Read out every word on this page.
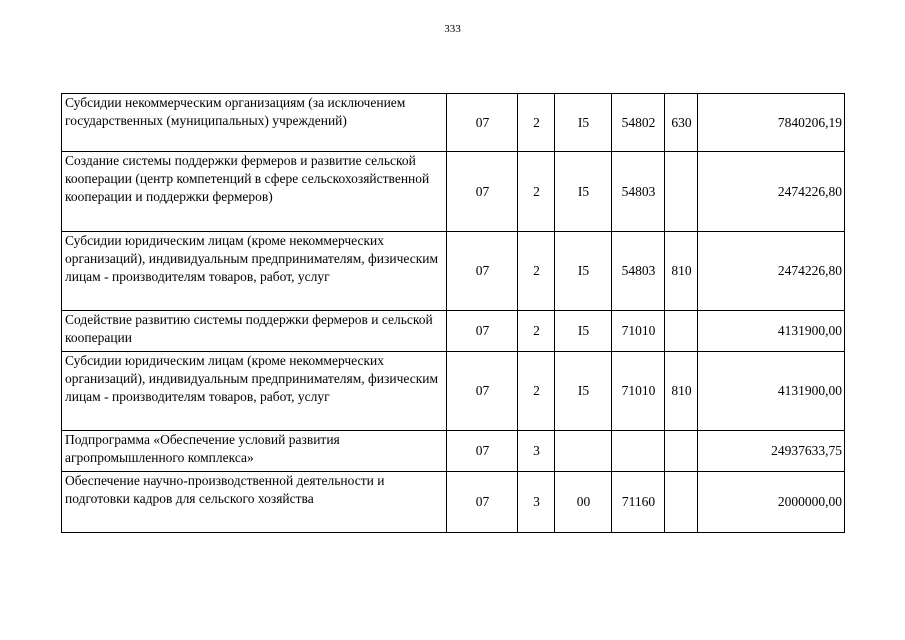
333
Субсидии некоммерческим организациям (за исключением государственных (муниципальных) учреждений)	07	2	I5	54802	630	7840206,19
Создание системы поддержки фермеров и развитие сельской кооперации (центр компетенций в сфере сельскохозяйственной кооперации и поддержки фермеров)	07	2	I5	54803		2474226,80
Субсидии юридическим лицам (кроме некоммерческих организаций), индивидуальным предпринимателям, физическим лицам - производителям товаров, работ, услуг	07	2	I5	54803	810	2474226,80
Содействие развитию системы поддержки фермеров и сельской кооперации	07	2	I5	71010		4131900,00
Субсидии юридическим лицам (кроме некоммерческих организаций), индивидуальным предпринимателям, физическим лицам - производителям товаров, работ, услуг	07	2	I5	71010	810	4131900,00
Подпрограмма «Обеспечение условий развития агропромышленного комплекса»	07	3				24937633,75
Обеспечение научно-производственной деятельности и подготовки кадров для сельского хозяйства	07	3	00	71160		2000000,00
